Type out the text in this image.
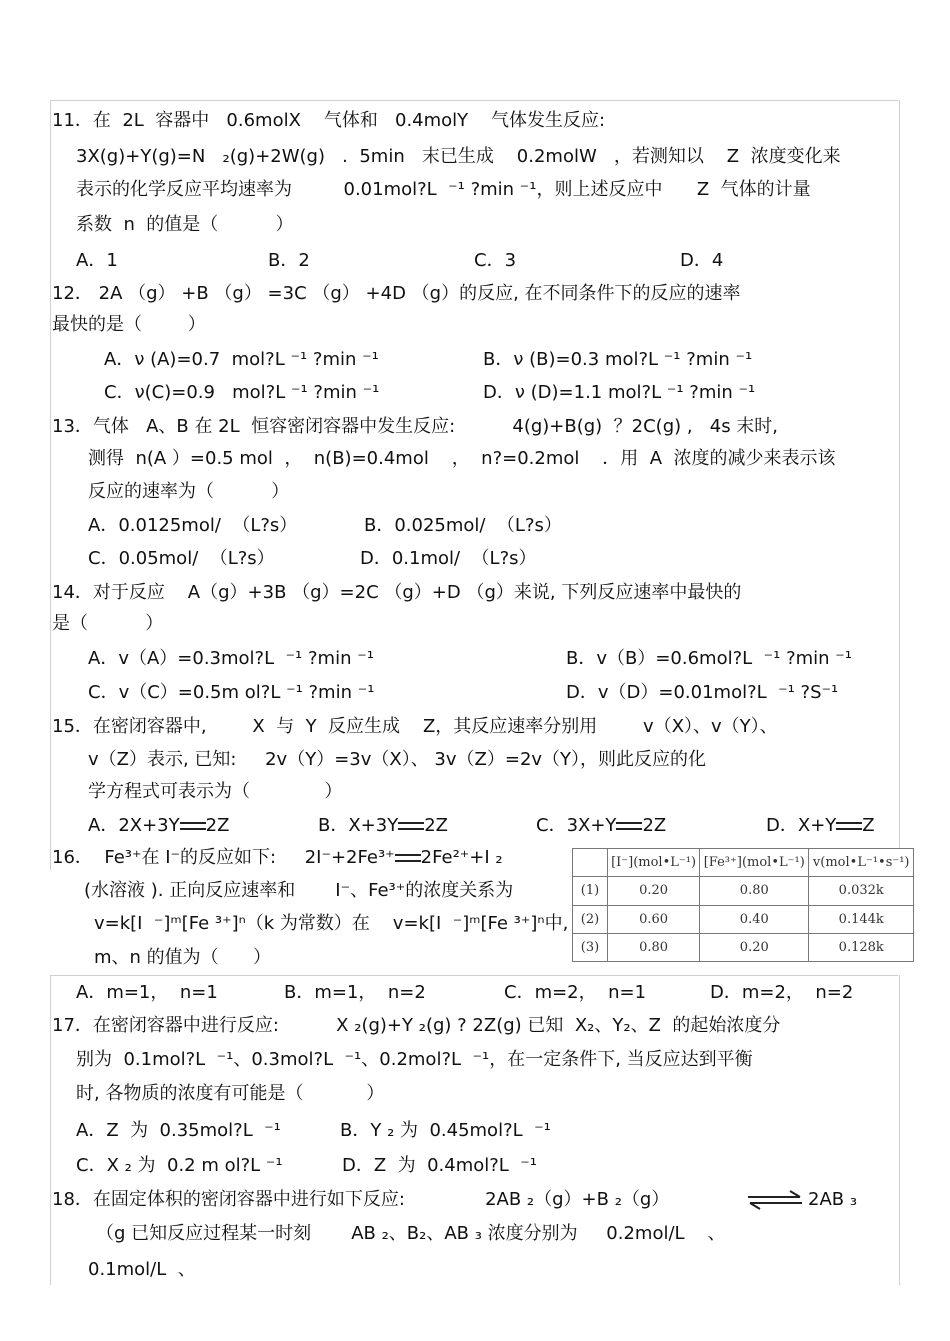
11．在  2L  容器中   0.6molX    气体和   0.4molY    气体发生反应:
3X(g)+Y(g)=N   ₂(g)+2W(g)   .  5min   末已生成    0.2molW   ，若测知以    Z  浓度变化来
表示的化学反应平均速率为         0.01mol?L  ⁻¹ ?min ⁻¹，则上述反应中      Z  气体的计量
系数  n  的值是（          ）
A．1	B．2	C．3	D．4
12． 2A （g） +B （g） =3C （g） +4D （g）的反应, 在不同条件下的反应的速率
最快的是（        ）
A．ν (A)=0.7  mol?L ⁻¹ ?min ⁻¹	B．ν (B)=0.3 mol?L ⁻¹ ?min ⁻¹
C．ν(C)=0.9   mol?L ⁻¹ ?min ⁻¹	D．ν (D)=1.1 mol?L ⁻¹ ?min ⁻¹
13．气体   A、B 在 2L  恒容密闭容器中发生反应:          4(g)+B(g)  ？2C(g) ,   4s 末时,
测得  n(A ）=0.5 mol  ，  n(B)=0.4mol    ，  n?=0.2mol    ．用  A  浓度的减少来表示该
反应的速率为（          ）
A．0.0125mol/  （L?s）	B．0.025mol/  （L?s）
C．0.05mol/  （L?s）	D．0.1mol/  （L?s）
14．对于反应    A（g）+3B （g）=2C （g）+D （g）来说, 下列反应速率中最快的
是（          ）
A．v（A）=0.3mol?L  ⁻¹ ?min ⁻¹	B．v（B）=0.6mol?L  ⁻¹ ?min ⁻¹
C．v（C）=0.5m ol?L ⁻¹ ?min ⁻¹	D．v（D）=0.01mol?L  ⁻¹ ?S⁻¹
15．在密闭容器中,        X  与  Y  反应生成    Z，其反应速率分别用        v（X）、v（Y）、
v（Z）表示, 已知:     2v（Y）=3v（X）、 3v（Z）=2v（Y），则此反应的化
学方程式可表示为（             ）
A．2X+3Y 2Z	B．X+3Y 2Z	C．3X+Y 2Z	D．X+Y Z
16．  Fe³⁺在 I⁻的反应如下:     2I⁻+2Fe³⁺ 2Fe²⁺+I ₂
(水溶液 ). 正向反应速率和       I⁻、Fe³⁺的浓度关系为
v=k[I  ⁻]ᵐ[Fe ³⁺]ⁿ（k 为常数）在    v=k[I  ⁻]ᵐ[Fe ³⁺]ⁿ中,
m、n 的值为（      ）
	[I⁻](mol•L⁻¹)	[Fe³⁺](mol•L⁻¹)	v(mol•L⁻¹•s⁻¹)
(1)	0.20	0.80	0.032k
(2)	0.60	0.40	0.144k
(3)	0.80	0.20	0.128k
A．m=1，  n=1	B．m=1，  n=2	C．m=2，  n=1	D．m=2，  n=2
17．在密闭容器中进行反应:          X ₂(g)+Y ₂(g) ? 2Z(g) 已知  X₂、Y₂、Z  的起始浓度分
别为  0.1mol?L  ⁻¹、0.3mol?L  ⁻¹、0.2mol?L  ⁻¹，在一定条件下, 当反应达到平衡
时, 各物质的浓度有可能是（           ）
A．Z  为  0.35mol?L  ⁻¹	B．Y ₂ 为  0.45mol?L  ⁻¹
C．X ₂ 为  0.2 m ol?L ⁻¹	D．Z  为  0.4mol?L  ⁻¹
18．在固定体积的密闭容器中进行如下反应:              2AB ₂（g）+B ₂（g）	⇌ 2AB ₃
（g 已知反应过程某一时刻       AB ₂、B₂、AB ₃ 浓度分别为     0.2mol/L    、
0.1mol/L  、
